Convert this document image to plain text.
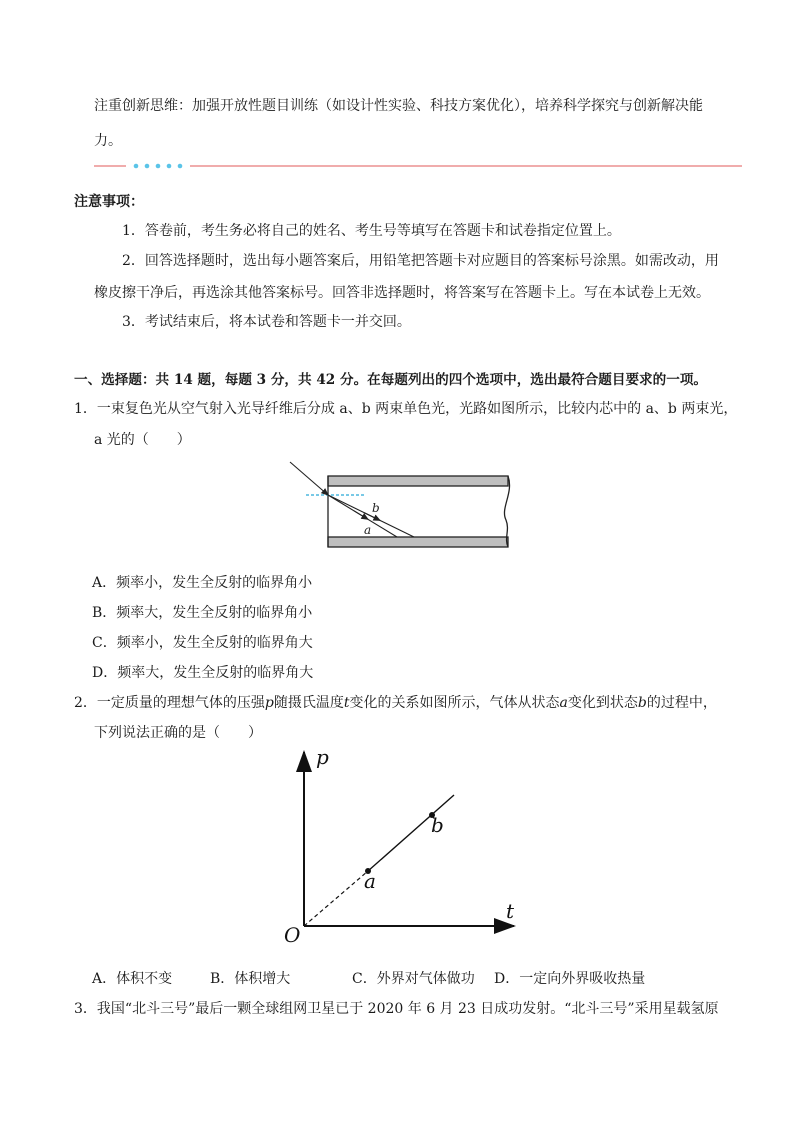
注重创新思维：加强开放性题目训练（如设计性实验、科技方案优化），培养科学探究与创新解决能
力。
注意事项：
1．答卷前，考生务必将自己的姓名、考生号等填写在答题卡和试卷指定位置上。
2．回答选择题时，选出每小题答案后，用铅笔把答题卡对应题目的答案标号涂黑。如需改动，用
橡皮擦干净后，再选涂其他答案标号。回答非选择题时，将答案写在答题卡上。写在本试卷上无效。
3．考试结束后，将本试卷和答题卡一并交回。
一、选择题：共 14 题，每题 3 分，共 42 分。在每题列出的四个选项中，选出最符合题目要求的一项。
1．一束复色光从空气射入光导纤维后分成 a、b 两束单色光，光路如图所示，比较内芯中的 a、b 两束光，
a 光的（　　）
b
a
A．频率小，发生全反射的临界角小
B．频率大，发生全反射的临界角小
C．频率小，发生全反射的临界角大
D．频率大，发生全反射的临界角大
2．一定质量的理想气体的压强p随摄氏温度t变化的关系如图所示，气体从状态a变化到状态b的过程中，
下列说法正确的是（　　）
p
t
O
a
b
A．体积不变	B．体积增大	C．外界对气体做功 D．一定向外界吸收热量
3．我国“北斗三号”最后一颗全球组网卫星已于 2020 年 6 月 23 日成功发射。“北斗三号”采用星载氢原
